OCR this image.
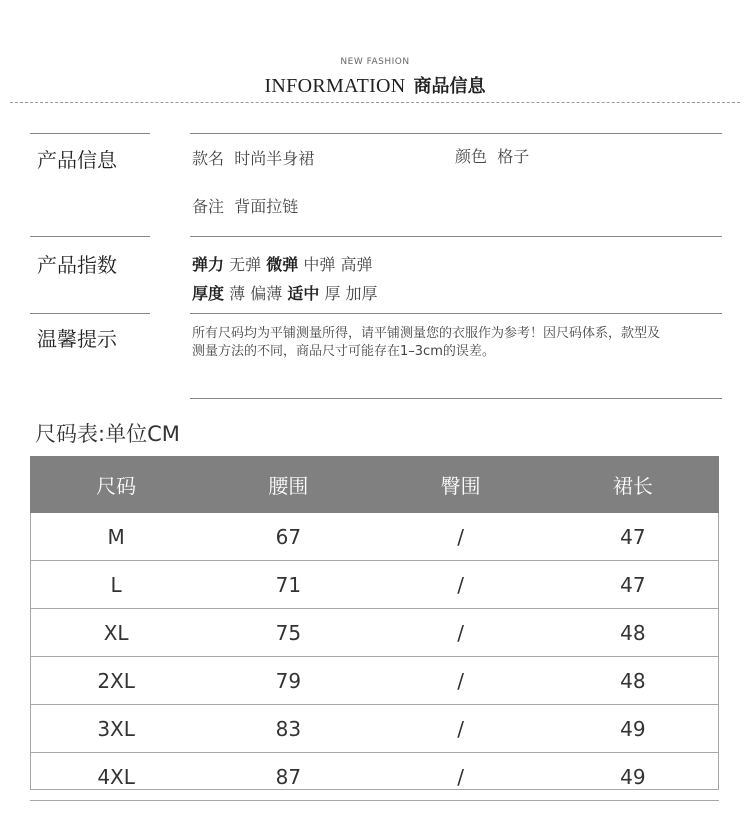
NEW FASHION
INFORMATION 商品信息
产品信息	款名 时尚半身裙	颜色 格子
备注 背面拉链
产品指数	弹力 无弹 微弹 中弹 高弹
厚度 薄 偏薄 适中 厚 加厚
温馨提示	所有尺码均为平铺测量所得，请平铺测量您的衣服作为参考！因尺码体系，款型及测量方法的不同，商品尺寸可能存在1–3cm的误差。
尺码表:单位CM
尺码	腰围	臀围	裙长
M	67	/	47
L	71	/	47
XL	75	/	48
2XL	79	/	48
3XL	83	/	49
4XL	87	/	49
